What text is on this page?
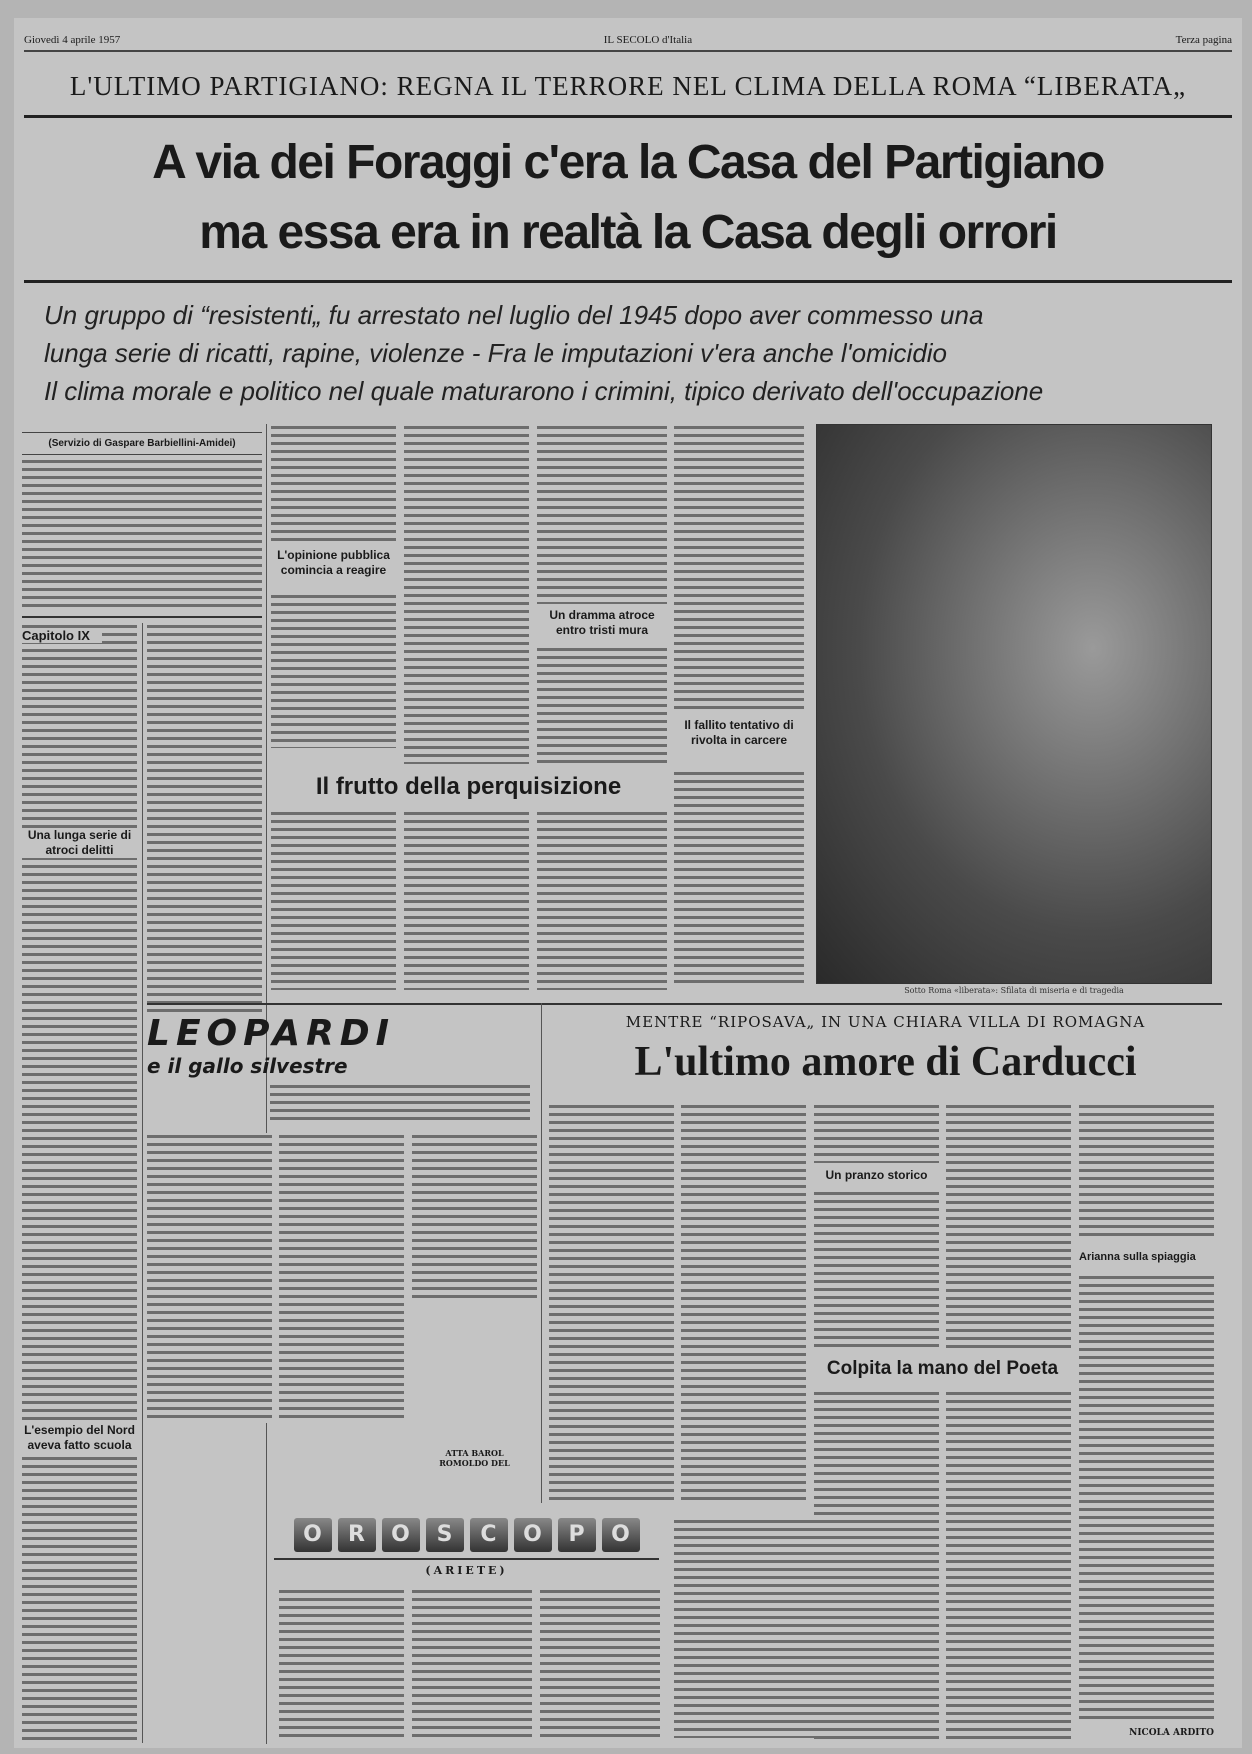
Giovedì 4 aprile 1957	IL SECOLO d'Italia	Terza pagina
L'ULTIMO PARTIGIANO: REGNA IL TERRORE NEL CLIMA DELLA ROMA “LIBERATA„
A via dei Foraggi c'era la Casa del Partigiano
ma essa era in realtà la Casa degli orrori
Un gruppo di “resistenti„ fu arrestato nel luglio del 1945 dopo aver commesso una
lunga serie di ricatti, rapine, violenze - Fra le imputazioni v'era anche l'omicidio
Il clima morale e politico nel quale maturarono i crimini, tipico derivato dell'occupazione
(Servizio di Gaspare Barbiellini-Amidei)
Capitolo IX
Una lunga serie di atroci delitti
L'esempio del Nord aveva fatto scuola
L'opinione pubblica comincia a reagire
Un dramma atroce entro tristi mura
Il frutto della perquisizione
Il fallito tentativo di rivolta in carcere
Sotto Roma «liberata»: Sfilata di miseria e di tragedia
LEOPARDI
e il gallo silvestre
ATTA BAROL
ROMOLDO DEL
O R O S C O P O
(ARIETE)
MENTRE “RIPOSAVA„ IN UNA CHIARA VILLA DI ROMAGNA
L'ultimo amore di Carducci
Un pranzo storico
Colpita la mano del Poeta
Arianna sulla spiaggia
NICOLA ARDITO
